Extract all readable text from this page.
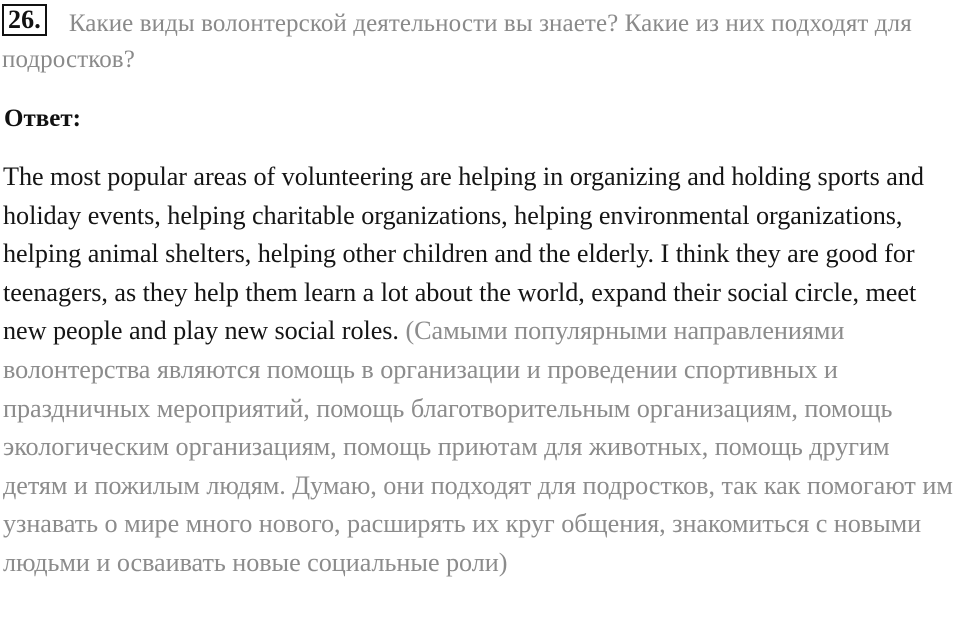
26. Какие виды волонтерской деятельности вы знаете? Какие из них подходят для подростков?
Ответ:
The most popular areas of volunteering are helping in organizing and holding sports and holiday events, helping charitable organizations, helping environmental organizations, helping animal shelters, helping other children and the elderly. I think they are good for teenagers, as they help them learn a lot about the world, expand their social circle, meet new people and play new social roles. (Самыми популярными направлениями волонтерства являются помощь в организации и проведении спортивных и праздничных мероприятий, помощь благотворительным организациям, помощь экологическим организациям, помощь приютам для животных, помощь другим детям и пожилым людям. Думаю, они подходят для подростков, так как помогают им узнавать о мире много нового, расширять их круг общения, знакомиться с новыми людьми и осваивать новые социальные роли)
